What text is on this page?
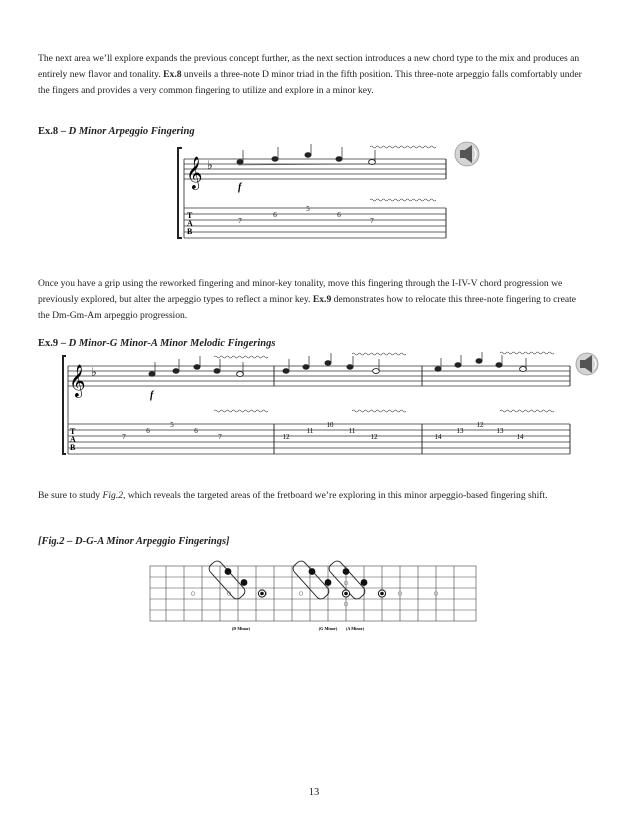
The next area we’ll explore expands the previous concept further, as the next section introduces a new chord type to the mix and produces an entirely new flavor and tonality. Ex.8 unveils a three-note D minor triad in the fifth position. This three-note arpeggio falls comfortably under the fingers and provides a very common fingering to utilize and explore in a minor key.

Ex.8 – D Minor Arpeggio Fingering

𝄞 ♭
f
T
A
B
7
6
5
6
7

Once you have a grip using the reworked fingering and minor-key tonality, move this fingering through the I-IV-V chord progression we previously explored, but alter the arpeggio types to reflect a minor key. Ex.9 demonstrates how to relocate this three-note fingering to create the Dm-Gm-Am arpeggio progression.

Ex.9 – D Minor-G Minor-A Minor Melodic Fingerings

𝄞 ♭
f
T
A
B
7
6
5
6
7	12
11
10
11
12	14
13
12
13
14

Be sure to study Fig.2, which reveals the targeted areas of the fretboard we’re exploring in this minor arpeggio-based fingering shift.

[Fig.2 – D-G-A Minor Arpeggio Fingerings]

(D Minor)	(G Minor) (A Minor)
13
